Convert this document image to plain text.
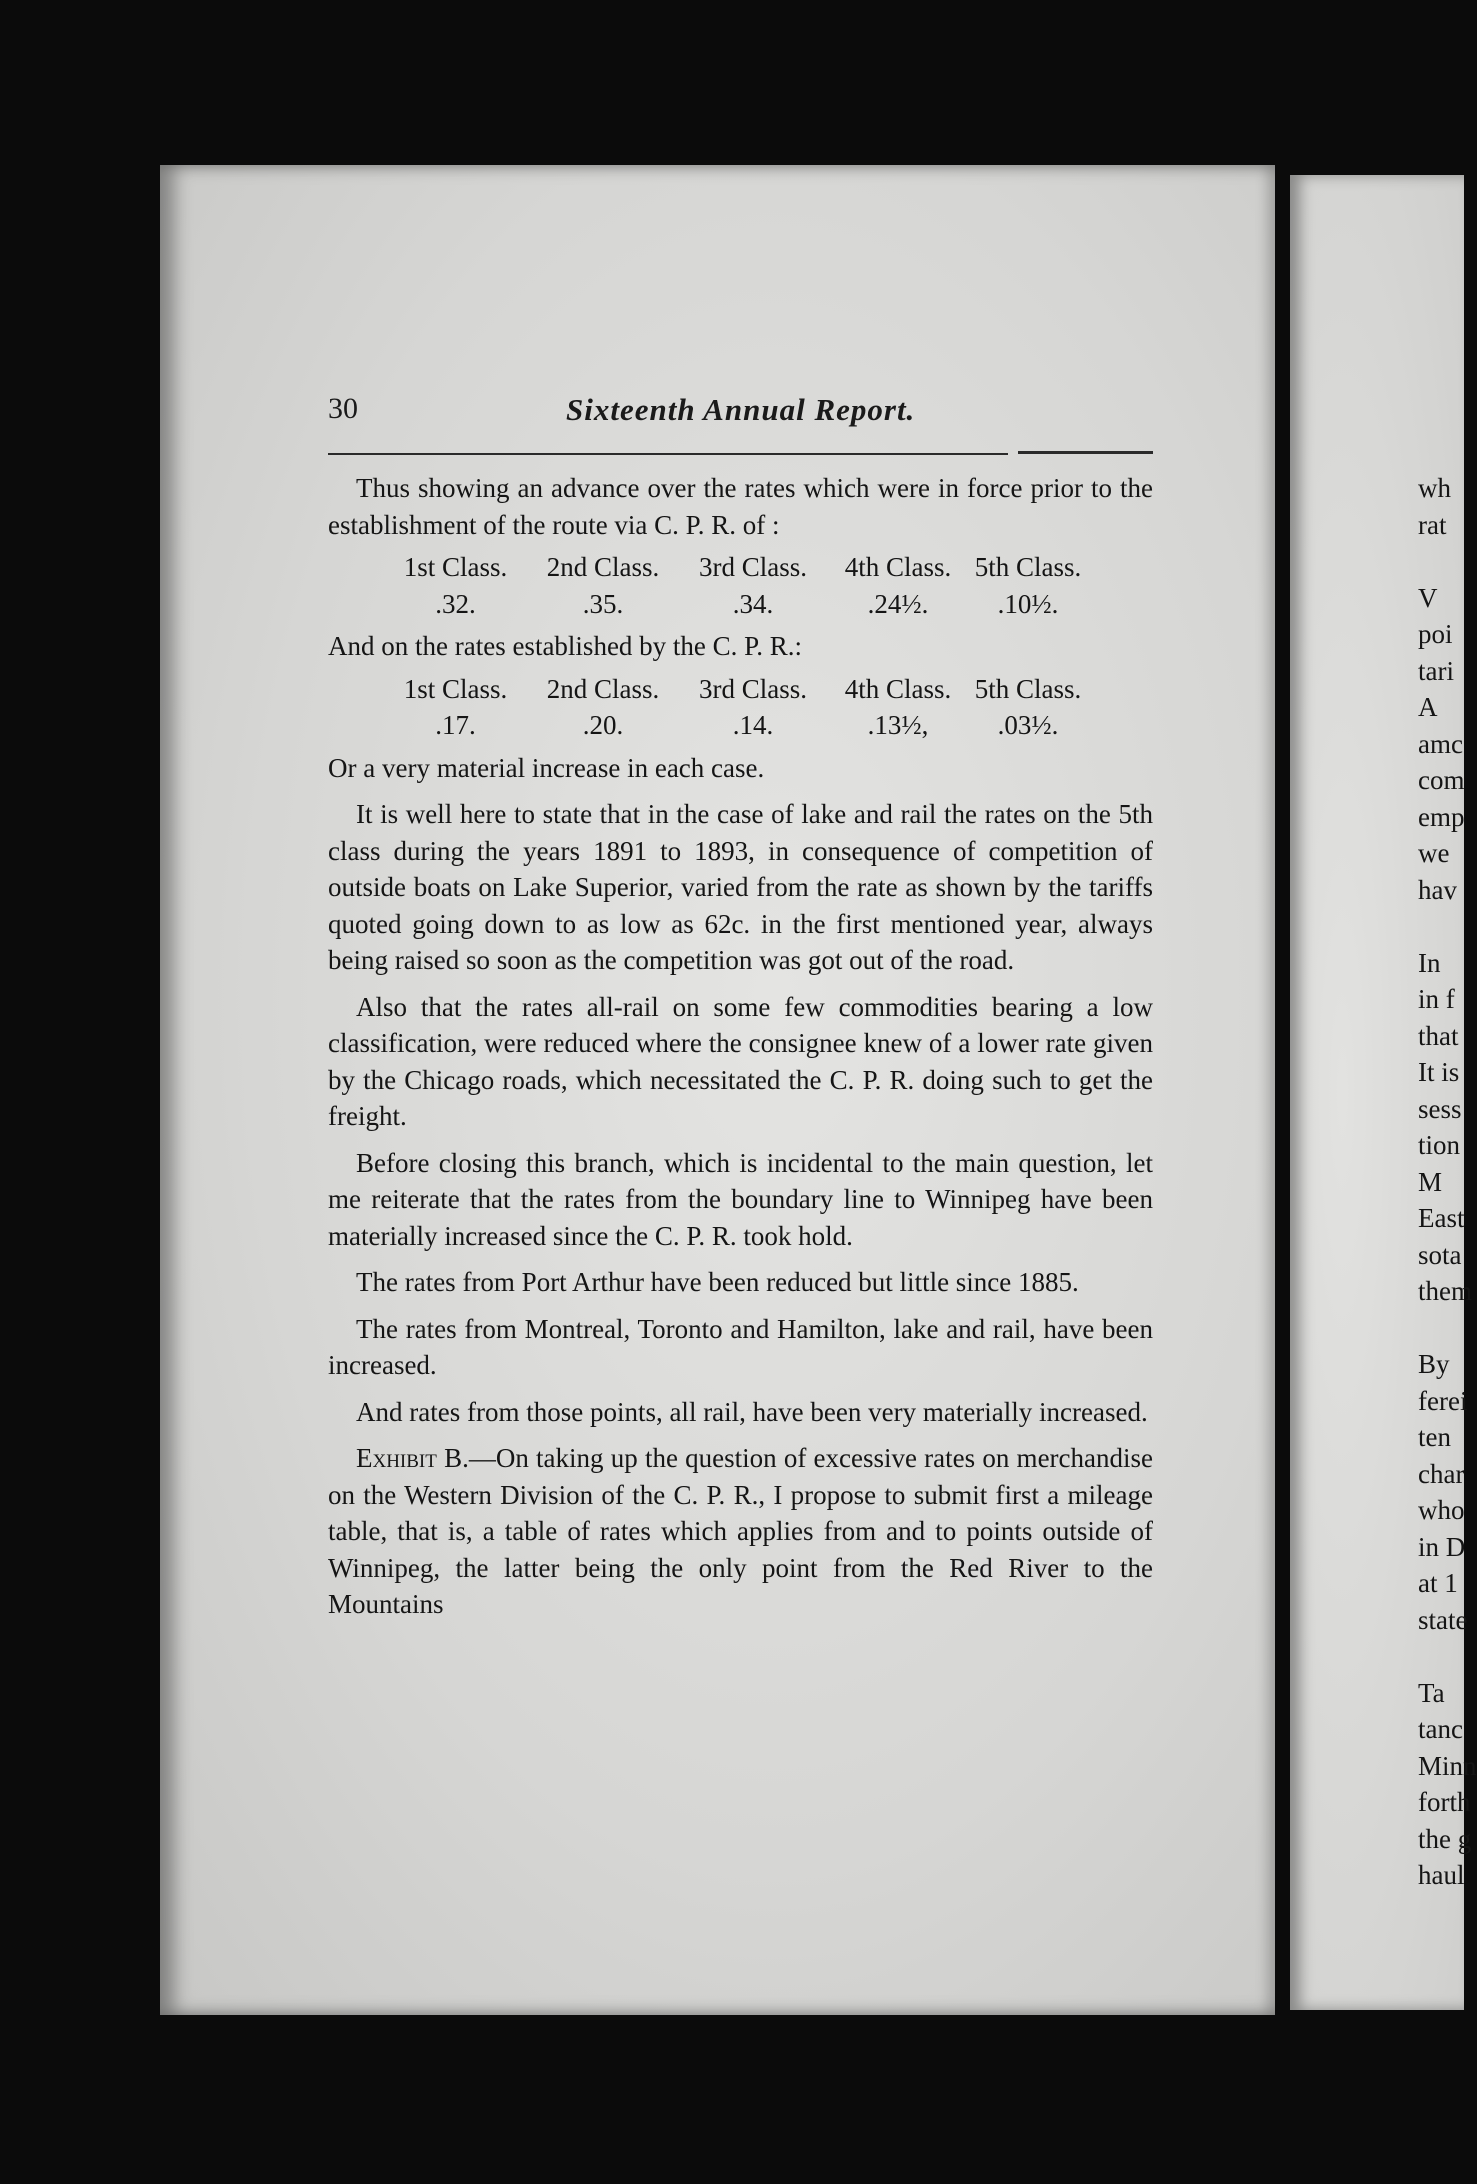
30	Sixteenth Annual Report.

Thus showing an advance over the rates which were in force prior to the establishment of the route via C. P. R. of :

1st Class.	2nd Class.	3rd Class.	4th Class. 5th Class.
.32.	.35.	.34.	.24½.	.10½.

And on the rates established by the C. P. R.:

1st Class.	2nd Class.	3rd Class.	4th Class. 5th Class.
.17.	.20.	.14.	.13½,	.03½.

Or a very material increase in each case.

It is well here to state that in the case of lake and rail the rates on the 5th class during the years 1891 to 1893, in consequence of competition of outside boats on Lake Superior, varied from the rate as shown by the tariffs quoted going down to as low as 62c. in the first mentioned year, always being raised so soon as the competition was got out of the road.

Also that the rates all-rail on some few commodities bearing a low classification, were reduced where the consignee knew of a lower rate given by the Chicago roads, which necessitated the C. P. R. doing such to get the freight.

Before closing this branch, which is incidental to the main question, let me reiterate that the rates from the boundary line to Winnipeg have been materially increased since the C. P. R. took hold.

The rates from Port Arthur have been reduced but little since 1885.

The rates from Montreal, Toronto and Hamilton, lake and rail, have been increased.

And rates from those points, all rail, have been very materially increased.

Exhibit B.—On taking up the question of excessive rates on merchandise on the Western Division of the C. P. R., I propose to submit first a mileage table, that is, a table of rates which applies from and to points outside of Winnipeg, the latter being the only point from the Red River to the Mountains

wh
rat
V
poi
tari
A
amc
com
emp
we
hav
In
in f
that
It is
sess
tion
M
East
sota
them
By
ferei
ten
char
who
in D
at 1
state
Ta
tanc
Minn
forth
the g
haul
